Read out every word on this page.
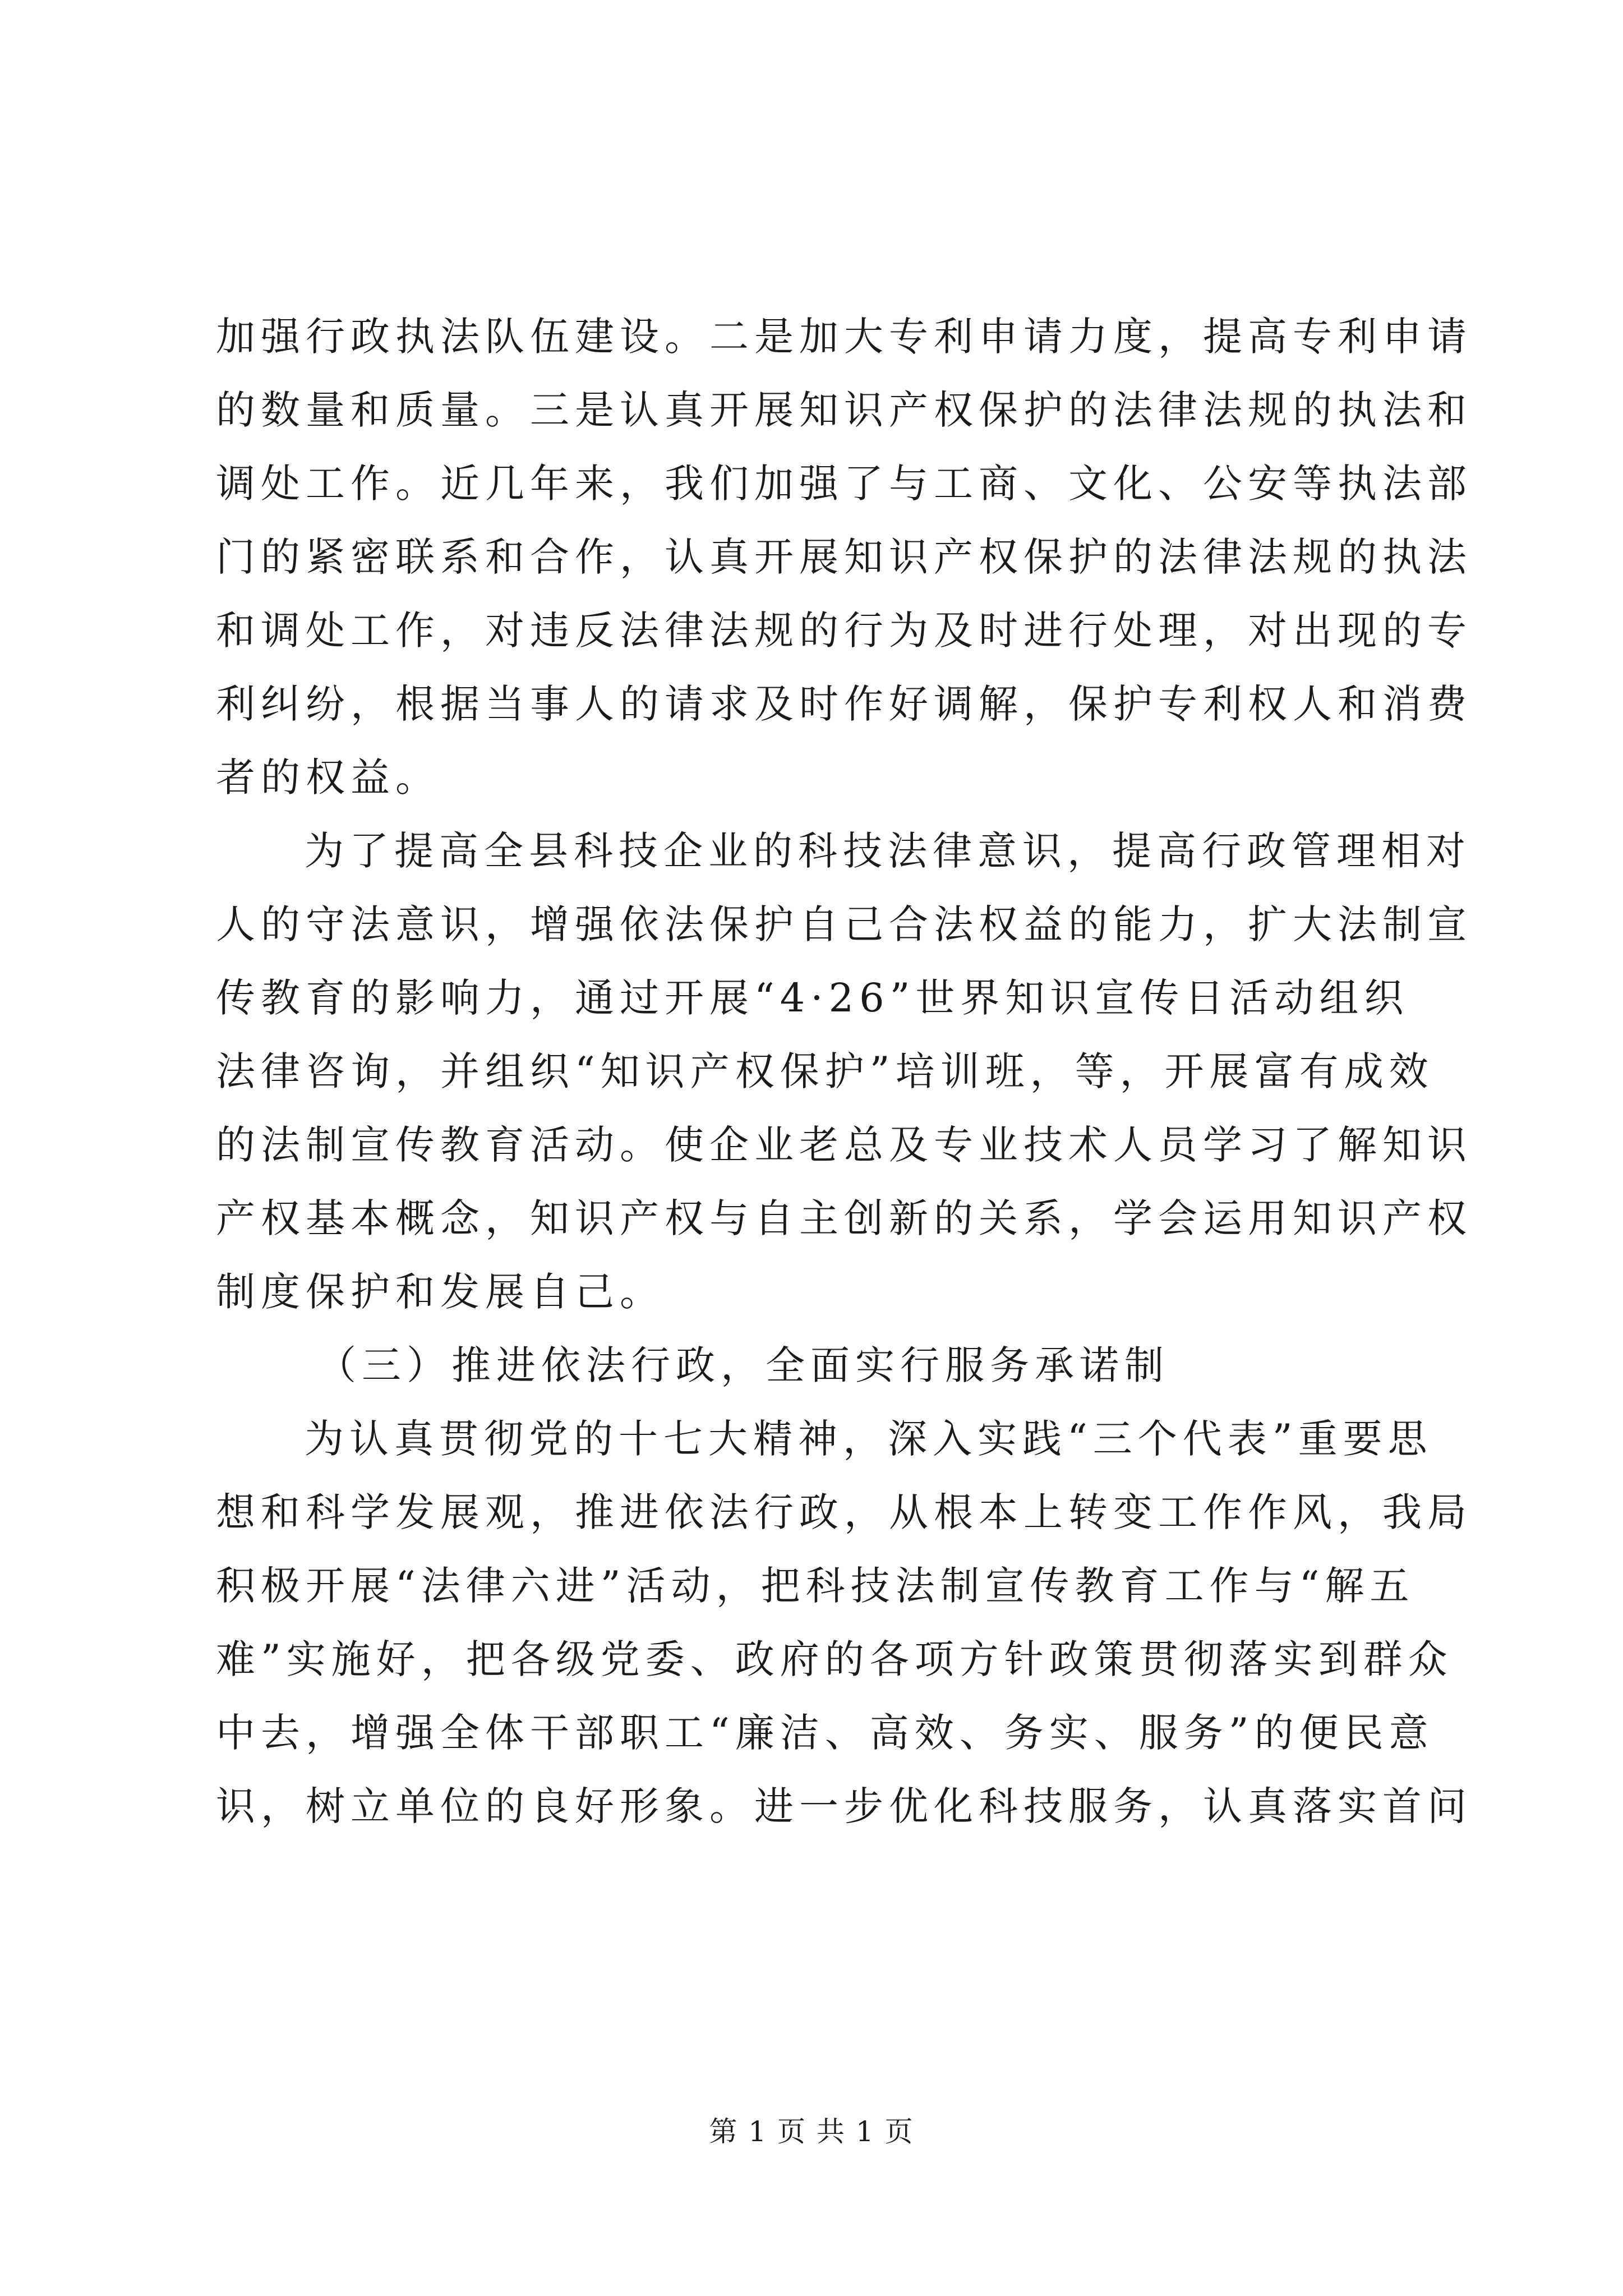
加强行政执法队伍建设。二是加大专利申请力度，提高专利申请
的数量和质量。三是认真开展知识产权保护的法律法规的执法和
调处工作。近几年来，我们加强了与工商、文化、公安等执法部
门的紧密联系和合作，认真开展知识产权保护的法律法规的执法
和调处工作，对违反法律法规的行为及时进行处理，对出现的专
利纠纷，根据当事人的请求及时作好调解，保护专利权人和消费
者的权益。
为了提高全县科技企业的科技法律意识，提高行政管理相对
人的守法意识，增强依法保护自己合法权益的能力，扩大法制宣
传教育的影响力，通过开展“4·26”世界知识宣传日活动组织
法律咨询，并组织“知识产权保护”培训班，等，开展富有成效
的法制宣传教育活动。使企业老总及专业技术人员学习了解知识
产权基本概念，知识产权与自主创新的关系，学会运用知识产权
制度保护和发展自己。
（三）推进依法行政，全面实行服务承诺制
为认真贯彻党的十七大精神，深入实践“三个代表”重要思
想和科学发展观，推进依法行政，从根本上转变工作作风，我局
积极开展“法律六进”活动，把科技法制宣传教育工作与“解五
难”实施好，把各级党委、政府的各项方针政策贯彻落实到群众
中去，增强全体干部职工“廉洁、高效、务实、服务”的便民意
识，树立单位的良好形象。进一步优化科技服务，认真落实首问
第 1 页 共 1 页
